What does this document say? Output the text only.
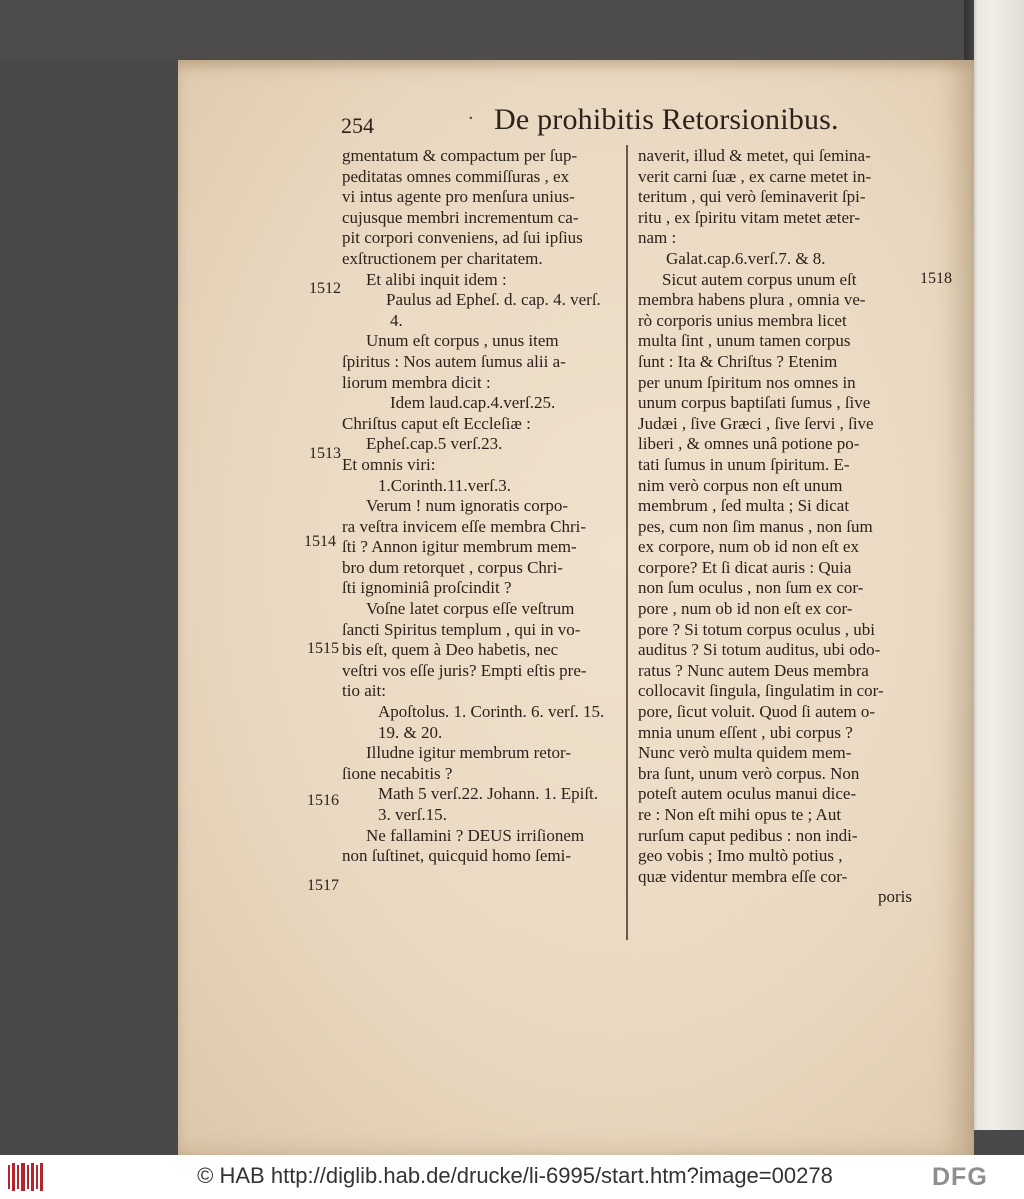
254	· De prohibitis Retorsionibus.
gmentatum & compactum per ſup-
peditatas omnes commiſſuras , ex
vi intus agente pro menſura unius-
cujusque membri incrementum ca-
pit corpori conveniens, ad ſui ipſius
exſtructionem per charitatem.
Et alibi inquit idem :
Paulus ad Epheſ. d. cap. 4. verſ.
4.
Unum eſt corpus , unus item
ſpiritus : Nos autem ſumus alii a-
liorum membra dicit :
Idem laud.cap.4.verſ.25.
Chriſtus caput eſt Eccleſiæ :
Epheſ.cap.5 verſ.23.
Et omnis viri:
1.Corinth.11.verſ.3.
Verum ! num ignoratis corpo-
ra veſtra invicem eſſe membra Chri-
ſti ? Annon igitur membrum mem-
bro dum retorquet , corpus Chri-
ſti ignominiâ proſcindit ?
Voſne latet corpus eſſe veſtrum
ſancti Spiritus templum , qui in vo-
bis eſt, quem à Deo habetis, nec
veſtri vos eſſe juris? Empti eſtis pre-
tio ait:
Apoſtolus. 1. Corinth. 6. verſ. 15.
19. & 20.
Illudne igitur membrum retor-
ſione necabitis ?
Math 5 verſ.22. Johann. 1. Epiſt.
3. verſ.15.
Ne fallamini ? DEUS irriſionem
non ſuſtinet, quicquid homo ſemi-
naverit, illud & metet, qui ſemina-
verit carni ſuæ , ex carne metet in-
teritum , qui verò ſeminaverit ſpi-
ritu , ex ſpiritu vitam metet æter-
nam :
Galat.cap.6.verſ.7. & 8.
Sicut autem corpus unum eſt
membra habens plura , omnia ve-
rò corporis unius membra licet
multa ſint , unum tamen corpus
ſunt : Ita & Chriſtus ? Etenim
per unum ſpiritum nos omnes in
unum corpus baptiſati ſumus , ſive
Judæi , ſive Græci , ſive ſervi , ſive
liberi , & omnes unâ potione po-
tati ſumus in unum ſpiritum. E-
nim verò corpus non eſt unum
membrum , ſed multa ; Si dicat
pes, cum non ſim manus , non ſum
ex corpore, num ob id non eſt ex
corpore? Et ſi dicat auris : Quia
non ſum oculus , non ſum ex cor-
pore , num ob id non eſt ex cor-
pore ? Si totum corpus oculus , ubi
auditus ? Si totum auditus, ubi odo-
ratus ? Nunc autem Deus membra
collocavit ſingula, ſingulatim in cor-
pore, ſicut voluit. Quod ſi autem o-
mnia unum eſſent , ubi corpus ?
Nunc verò multa quidem mem-
bra ſunt, unum verò corpus. Non
poteſt autem oculus manui dice-
re : Non eſt mihi opus te ; Aut
rurſum caput pedibus : non indi-
geo vobis ; Imo multò potius ,
quæ videntur membra eſſe cor-
poris
1512
1513
1514
1515
1516
1517
1518
© HAB http://diglib.hab.de/drucke/li-6995/start.htm?image=00278	DFG
